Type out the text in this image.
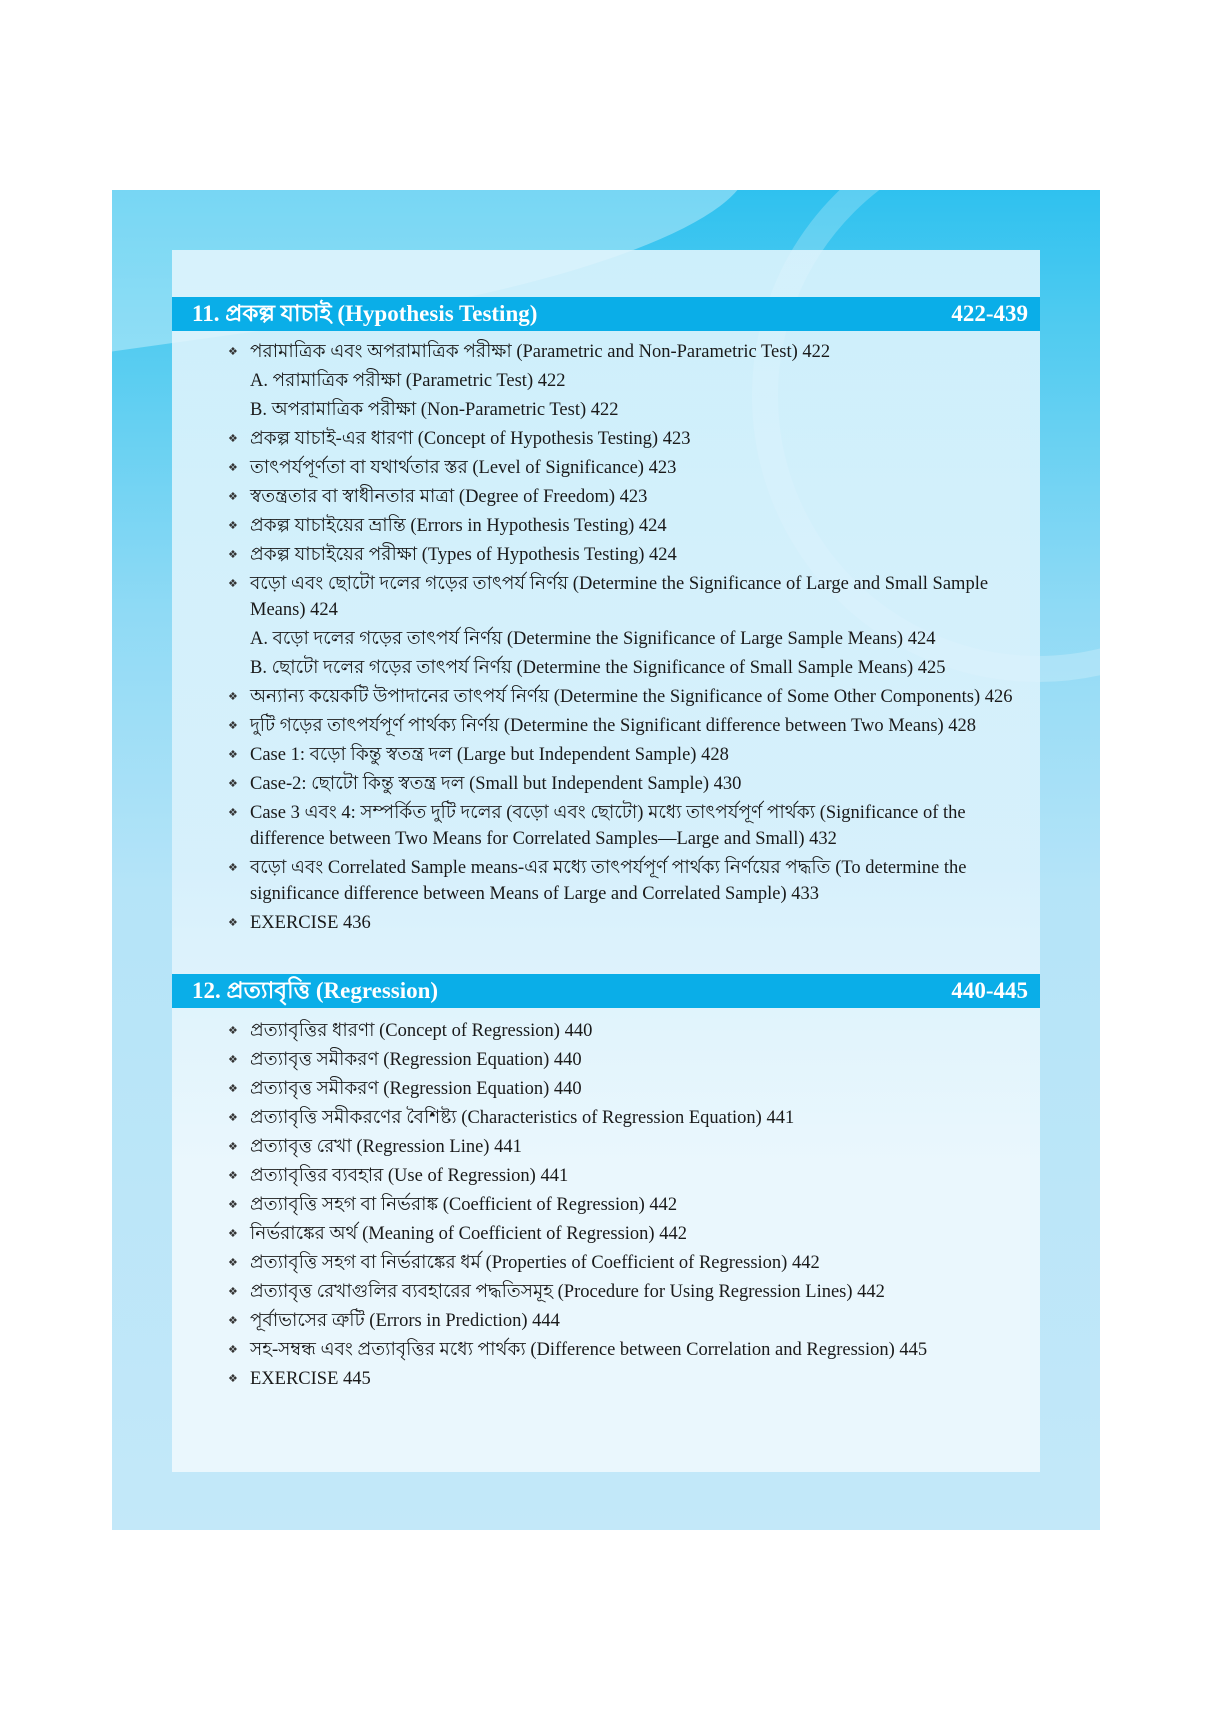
11. প্রকল্প যাচাই (Hypothesis Testing)	422-439
❖ পরামাত্রিক এবং অপরামাত্রিক পরীক্ষা (Parametric and Non-Parametric Test) 422
A. পরামাত্রিক পরীক্ষা (Parametric Test) 422
B. অপরামাত্রিক পরীক্ষা (Non-Parametric Test) 422
❖ প্রকল্প যাচাই-এর ধারণা (Concept of Hypothesis Testing) 423
❖ তাৎপর্যপূর্ণতা বা যথার্থতার স্তর (Level of Significance) 423
❖ স্বতন্ত্রতার বা স্বাধীনতার মাত্রা (Degree of Freedom) 423
❖ প্রকল্প যাচাইয়ের ভ্রান্তি (Errors in Hypothesis Testing) 424
❖ প্রকল্প যাচাইয়ের পরীক্ষা (Types of Hypothesis Testing) 424
❖ বড়ো এবং ছোটো দলের গড়ের তাৎপর্য নির্ণয় (Determine the Significance of Large and Small Sample Means) 424
A. বড়ো দলের গড়ের তাৎপর্য নির্ণয় (Determine the Significance of Large Sample Means) 424
B. ছোটো দলের গড়ের তাৎপর্য নির্ণয় (Determine the Significance of Small Sample Means) 425
❖ অন্যান্য কয়েকটি উপাদানের তাৎপর্য নির্ণয় (Determine the Significance of Some Other Components) 426
❖ দুটি গড়ের তাৎপর্যপূর্ণ পার্থক্য নির্ণয় (Determine the Significant difference between Two Means) 428
❖ Case 1: বড়ো কিন্তু স্বতন্ত্র দল (Large but Independent Sample) 428
❖ Case-2: ছোটো কিন্তু স্বতন্ত্র দল (Small but Independent Sample) 430
❖ Case 3 এবং 4: সম্পর্কিত দুটি দলের (বড়ো এবং ছোটো) মধ্যে তাৎপর্যপূর্ণ পার্থক্য (Significance of the difference between Two Means for Correlated Samples—Large and Small) 432
❖ বড়ো এবং Correlated Sample means-এর মধ্যে তাৎপর্যপূর্ণ পার্থক্য নির্ণয়ের পদ্ধতি (To determine the significance difference between Means of Large and Correlated Sample) 433
❖ EXERCISE 436
12. প্রত্যাবৃত্তি (Regression)	440-445
❖ প্রত্যাবৃত্তির ধারণা (Concept of Regression) 440
❖ প্রত্যাবৃত্ত সমীকরণ (Regression Equation) 440
❖ প্রত্যাবৃত্ত সমীকরণ (Regression Equation) 440
❖ প্রত্যাবৃত্তি সমীকরণের বৈশিষ্ট্য (Characteristics of Regression Equation) 441
❖ প্রত্যাবৃত্ত রেখা (Regression Line) 441
❖ প্রত্যাবৃত্তির ব্যবহার (Use of Regression) 441
❖ প্রত্যাবৃত্তি সহগ বা নির্ভরাঙ্ক (Coefficient of Regression) 442
❖ নির্ভরাঙ্কের অর্থ (Meaning of Coefficient of Regression) 442
❖ প্রত্যাবৃত্তি সহগ বা নির্ভরাঙ্কের ধর্ম (Properties of Coefficient of Regression) 442
❖ প্রত্যাবৃত্ত রেখাগুলির ব্যবহারের পদ্ধতিসমূহ (Procedure for Using Regression Lines) 442
❖ পূর্বাভাসের ত্রুটি (Errors in Prediction) 444
❖ সহ-সম্বন্ধ এবং প্রত্যাবৃত্তির মধ্যে পার্থক্য (Difference between Correlation and Regression) 445
❖ EXERCISE 445
